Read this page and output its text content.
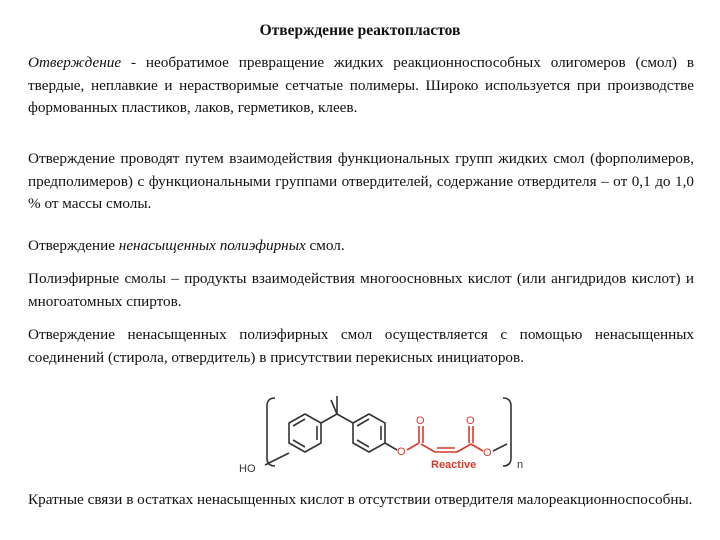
Отверждение реактопластов

Отверждение - необратимое превращение жидких реакционноспособных олигомеров (смол) в твердые, неплавкие и нерастворимые сетчатые полимеры. Широко используется при производстве формованных пластиков, лаков, герметиков, клеев.

Отверждение проводят путем взаимодействия функциональных групп жидких смол (форполимеров, предполимеров) с функциональными группами отвердителей, содержание отвердителя – от 0,1 до 1,0 % от массы смолы.

Отверждение ненасыщенных полиэфирных смол.

Полиэфирные смолы – продукты взаимодействия многоосновных кислот (или ангидридов кислот) и многоатомных спиртов.

Отверждение ненасыщенных полиэфирных смол осуществляется с помощью ненасыщенных соединений (стирола, отвердитель) в присутствии перекисных инициаторов.

HO
O
O	O
O
Reactive	n

Кратные связи в остатках ненасыщенных кислот в отсутствии отвердителя малореакционноспособны.
